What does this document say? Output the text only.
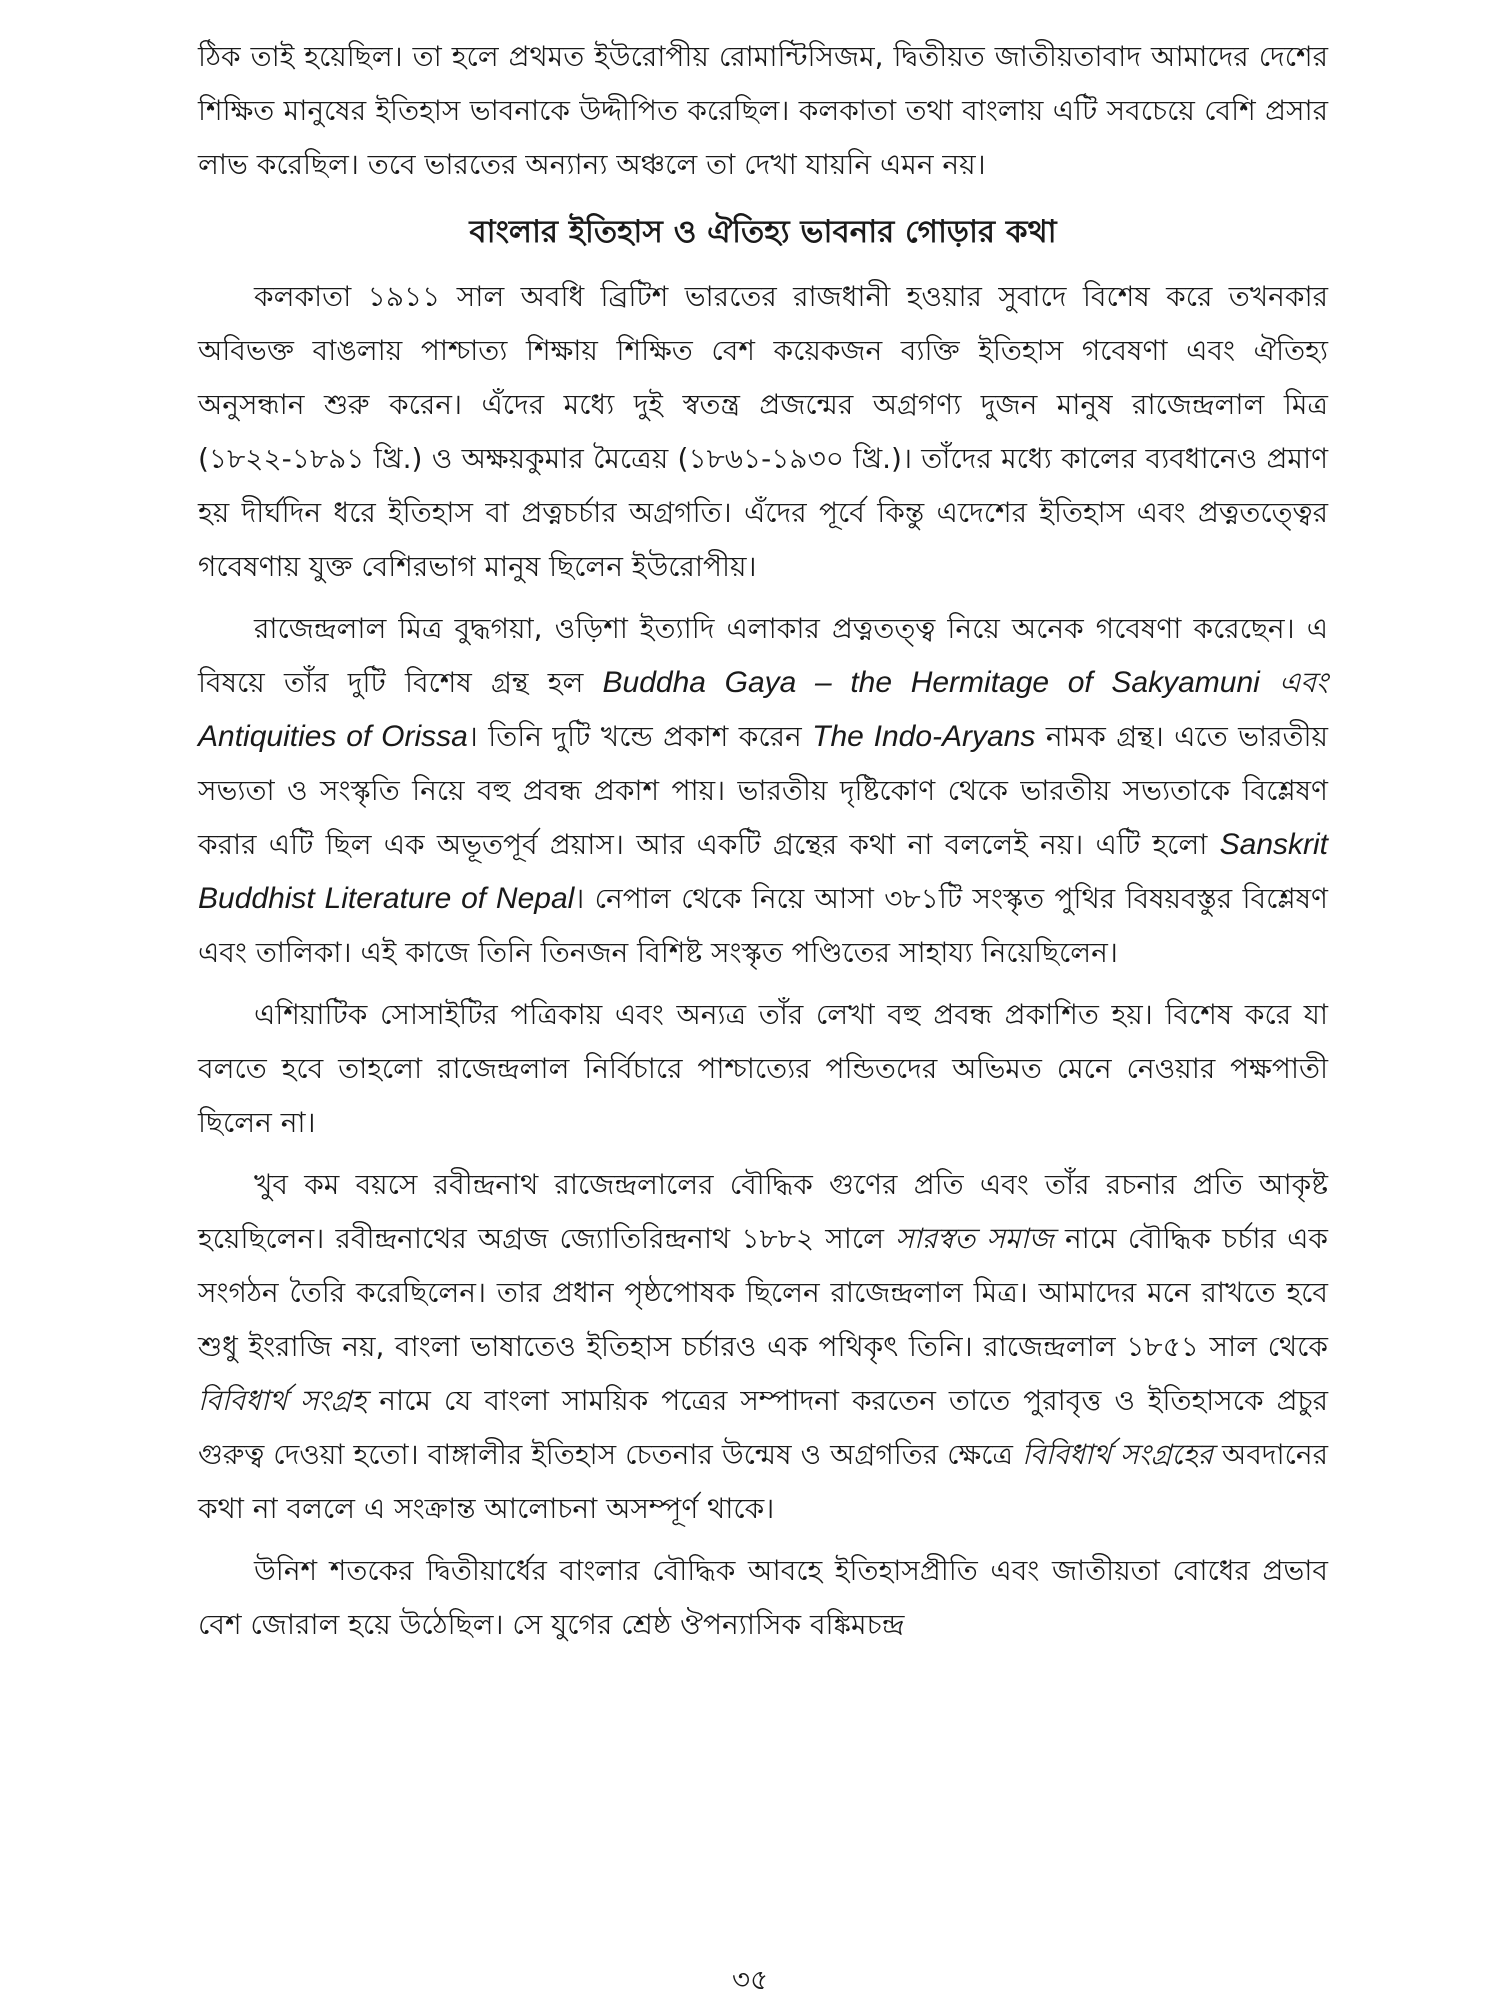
ঠিক তাই হয়েছিল। তা হলে প্রথমত ইউরোপীয় রোমান্টিসিজম, দ্বিতীয়ত জাতীয়তাবাদ আমাদের দেশের শিক্ষিত মানুষের ইতিহাস ভাবনাকে উদ্দীপিত করেছিল। কলকাতা তথা বাংলায় এটি সবচেয়ে বেশি প্রসার লাভ করেছিল। তবে ভারতের অন্যান্য অঞ্চলে তা দেখা যায়নি এমন নয়।

বাংলার ইতিহাস ও ঐতিহ্য ভাবনার গোড়ার কথা

কলকাতা ১৯১১ সাল অবধি ব্রিটিশ ভারতের রাজধানী হওয়ার সুবাদে বিশেষ করে তখনকার অবিভক্ত বাঙলায় পাশ্চাত্য শিক্ষায় শিক্ষিত বেশ কয়েকজন ব্যক্তি ইতিহাস গবেষণা এবং ঐতিহ্য অনুসন্ধান শুরু করেন। এঁদের মধ্যে দুই স্বতন্ত্র প্রজন্মের অগ্রগণ্য দুজন মানুষ রাজেন্দ্রলাল মিত্র (১৮২২-১৮৯১ খ্রি.) ও অক্ষয়কুমার মৈত্রেয় (১৮৬১-১৯৩০ খ্রি.)। তাঁদের মধ্যে কালের ব্যবধানেও প্রমাণ হয় দীর্ঘদিন ধরে ইতিহাস বা প্রত্নচর্চার অগ্রগতি। এঁদের পূর্বে কিন্তু এদেশের ইতিহাস এবং প্রত্নতত্ত্বের গবেষণায় যুক্ত বেশিরভাগ মানুষ ছিলেন ইউরোপীয়।

রাজেন্দ্রলাল মিত্র বুদ্ধগয়া, ওড়িশা ইত্যাদি এলাকার প্রত্নতত্ত্ব নিয়ে অনেক গবেষণা করেছেন। এ বিষয়ে তাঁর দুটি বিশেষ গ্রন্থ হল Buddha Gaya – the Hermitage of Sakyamuni এবং Antiquities of Orissa। তিনি দুটি খন্ডে প্রকাশ করেন The Indo-Aryans নামক গ্রন্থ। এতে ভারতীয় সভ্যতা ও সংস্কৃতি নিয়ে বহু প্রবন্ধ প্রকাশ পায়। ভারতীয় দৃষ্টিকোণ থেকে ভারতীয় সভ্যতাকে বিশ্লেষণ করার এটি ছিল এক অভূতপূর্ব প্রয়াস। আর একটি গ্রন্থের কথা না বললেই নয়। এটি হলো Sanskrit Buddhist Literature of Nepal। নেপাল থেকে নিয়ে আসা ৩৮১টি সংস্কৃত পুথির বিষয়বস্তুর বিশ্লেষণ এবং তালিকা। এই কাজে তিনি তিনজন বিশিষ্ট সংস্কৃত পণ্ডিতের সাহায্য নিয়েছিলেন।

এশিয়াটিক সোসাইটির পত্রিকায় এবং অন্যত্র তাঁর লেখা বহু প্রবন্ধ প্রকাশিত হয়। বিশেষ করে যা বলতে হবে তাহলো রাজেন্দ্রলাল নির্বিচারে পাশ্চাত্যের পন্ডিতদের অভিমত মেনে নেওয়ার পক্ষপাতী ছিলেন না।

খুব কম বয়সে রবীন্দ্রনাথ রাজেন্দ্রলালের বৌদ্ধিক গুণের প্রতি এবং তাঁর রচনার প্রতি আকৃষ্ট হয়েছিলেন। রবীন্দ্রনাথের অগ্রজ জ্যোতিরিন্দ্রনাথ ১৮৮২ সালে সারস্বত সমাজ নামে বৌদ্ধিক চর্চার এক সংগঠন তৈরি করেছিলেন। তার প্রধান পৃষ্ঠপোষক ছিলেন রাজেন্দ্রলাল মিত্র। আমাদের মনে রাখতে হবে শুধু ইংরাজি নয়, বাংলা ভাষাতেও ইতিহাস চর্চারও এক পথিকৃৎ তিনি। রাজেন্দ্রলাল ১৮৫১ সাল থেকে বিবিধার্থ সংগ্রহ নামে যে বাংলা সাময়িক পত্রের সম্পাদনা করতেন তাতে পুরাবৃত্ত ও ইতিহাসকে প্রচুর গুরুত্ব দেওয়া হতো। বাঙ্গালীর ইতিহাস চেতনার উন্মেষ ও অগ্রগতির ক্ষেত্রে বিবিধার্থ সংগ্রহের অবদানের কথা না বললে এ সংক্রান্ত আলোচনা অসম্পূর্ণ থাকে।

উনিশ শতকের দ্বিতীয়ার্ধের বাংলার বৌদ্ধিক আবহে ইতিহাসপ্রীতি এবং জাতীয়তা বোধের প্রভাব বেশ জোরাল হয়ে উঠেছিল। সে যুগের শ্রেষ্ঠ ঔপন্যাসিক বঙ্কিমচন্দ্র

৩৫
